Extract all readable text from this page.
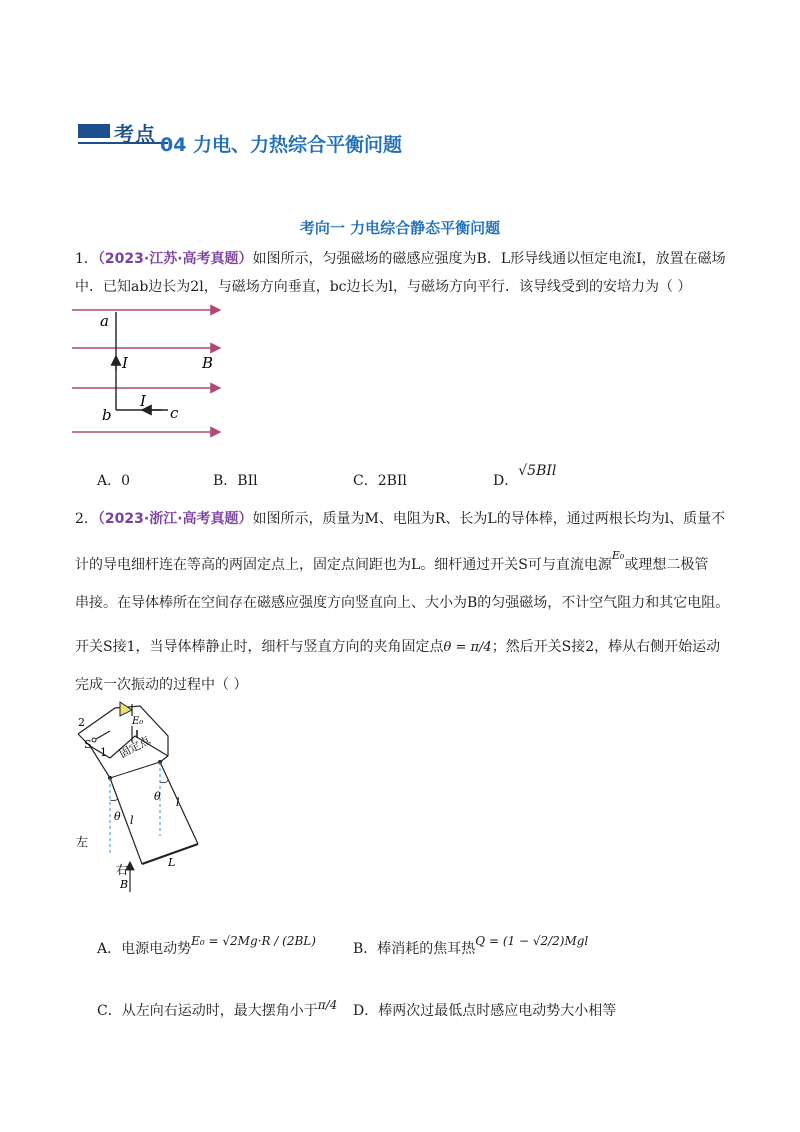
考点 04 力电、力热综合平衡问题
考向一 力电综合静态平衡问题
1．（2023·江苏·高考真题）如图所示，匀强磁场的磁感应强度为B．L形导线通以恒定电流I，放置在磁场
中．已知ab边长为2l，与磁场方向垂直，bc边长为l，与磁场方向平行．该导线受到的安培力为（ ）
a
I	B
I
b	c
A．0	B．BIl	C．2BIl	D．√5BIl
2．（2023·浙江·高考真题）如图所示，质量为M、电阻为R、长为L的导体棒，通过两根长均为l、质量不
计的导电细杆连在等高的两固定点上，固定点间距也为L。细杆通过开关S可与直流电源$^{E_0}$或理想二极管
串接。在导体棒所在空间存在磁感应强度方向竖直向上、大小为B的匀强磁场，不计空气阻力和其它电阻。
开关S接1，当导体棒静止时，细杆与竖直方向的夹角固定点θ = π/4；然后开关S接2，棒从右侧开始运动
完成一次振动的过程中（ ）
2
1
S
E₀
固定点
θ
θ
l
l
L
左
右
B
A．电源电动势E₀ = √2Mg·R / (2BL)	B．棒消耗的焦耳热Q = (1 − √2/2)Mgl
C．从左向右运动时，最大摆角小于π/4 D．棒两次过最低点时感应电动势大小相等
